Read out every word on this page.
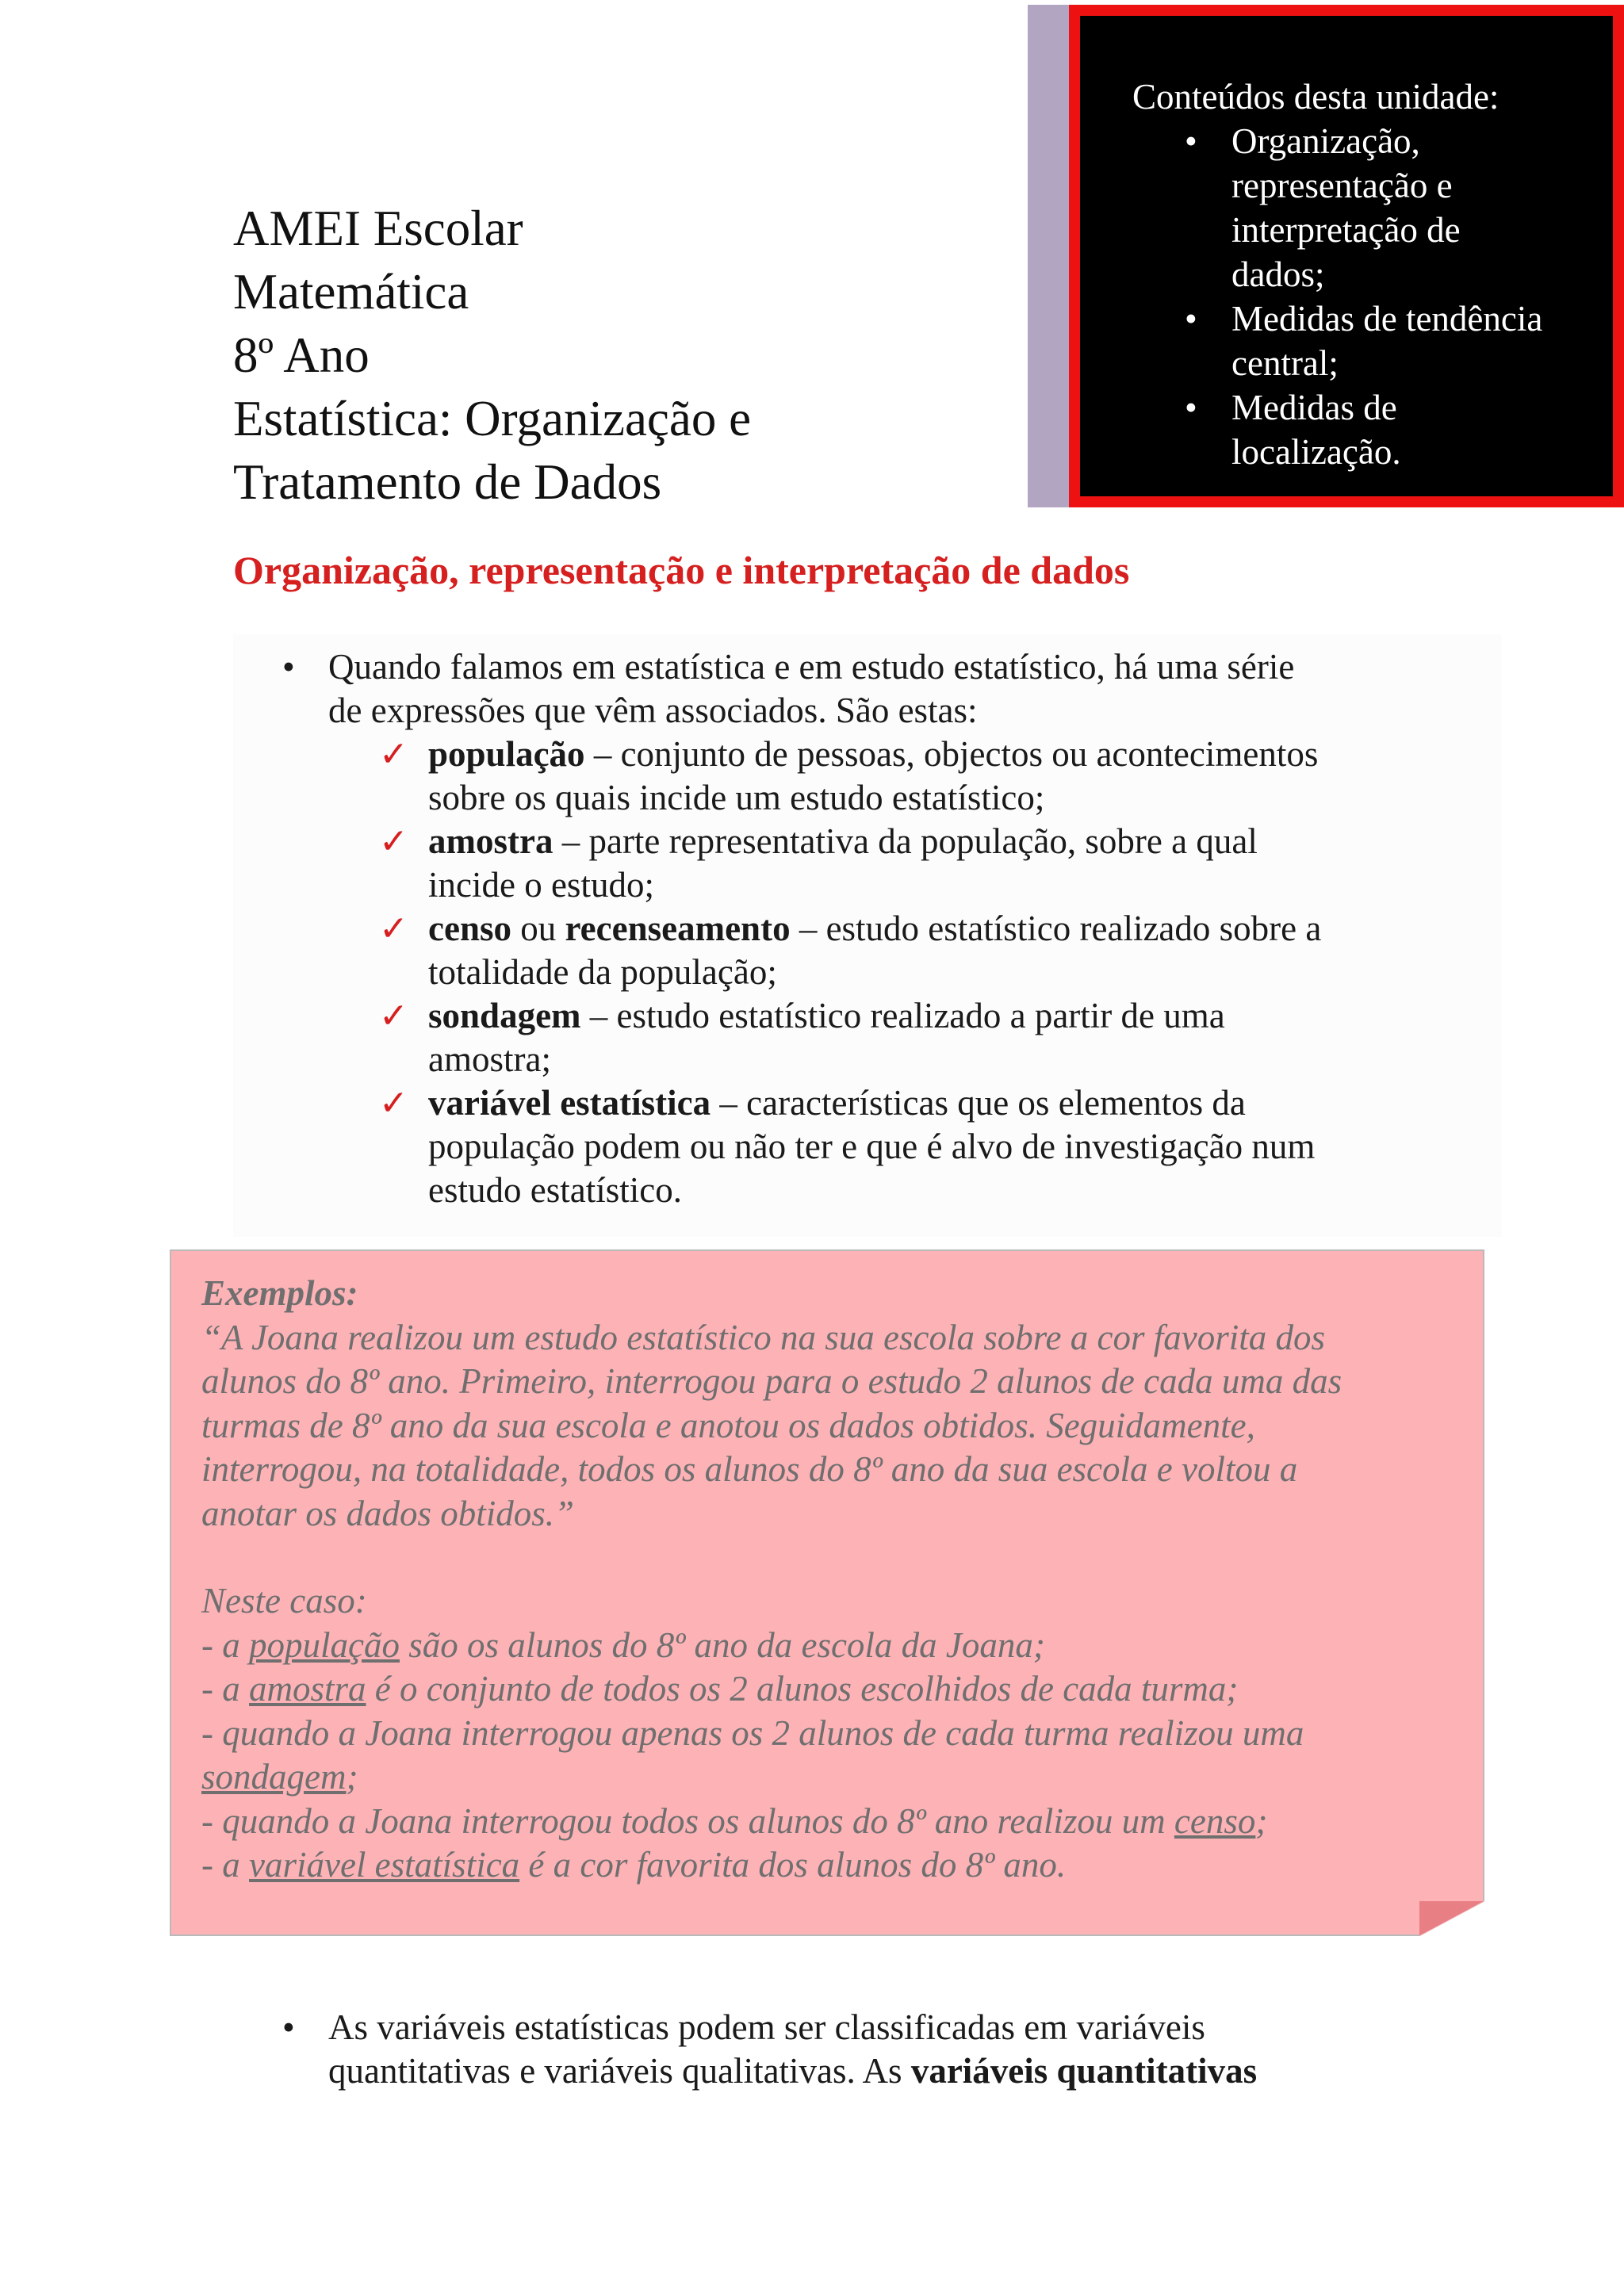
AMEI Escolar
Matemática
8º Ano
Estatística: Organização e
Tratamento de Dados
Conteúdos desta unidade:
• Organização,
representação e
interpretação de
dados;
• Medidas de tendência
central;
• Medidas de
localização.
Organização, representação e interpretação de dados
• Quando falamos em estatística e em estudo estatístico, há uma série
de expressões que vêm associados. São estas:
✓ população – conjunto de pessoas, objectos ou acontecimentos
sobre os quais incide um estudo estatístico;
✓ amostra – parte representativa da população, sobre a qual
incide o estudo;
✓ censo ou recenseamento – estudo estatístico realizado sobre a
totalidade da população;
✓ sondagem – estudo estatístico realizado a partir de uma
amostra;
✓ variável estatística – características que os elementos da
população podem ou não ter e que é alvo de investigação num
estudo estatístico.
Exemplos:
“A Joana realizou um estudo estatístico na sua escola sobre a cor favorita dos
alunos do 8º ano. Primeiro, interrogou para o estudo 2 alunos de cada uma das
turmas de 8º ano da sua escola e anotou os dados obtidos. Seguidamente,
interrogou, na totalidade, todos os alunos do 8º ano da sua escola e voltou a
anotar os dados obtidos.”
Neste caso:
- a população são os alunos do 8º ano da escola da Joana;
- a amostra é o conjunto de todos os 2 alunos escolhidos de cada turma;
- quando a Joana interrogou apenas os 2 alunos de cada turma realizou uma
sondagem;
- quando a Joana interrogou todos os alunos do 8º ano realizou um censo;
- a variável estatística é a cor favorita dos alunos do 8º ano.
• As variáveis estatísticas podem ser classificadas em variáveis
quantitativas e variáveis qualitativas. As variáveis quantitativas
